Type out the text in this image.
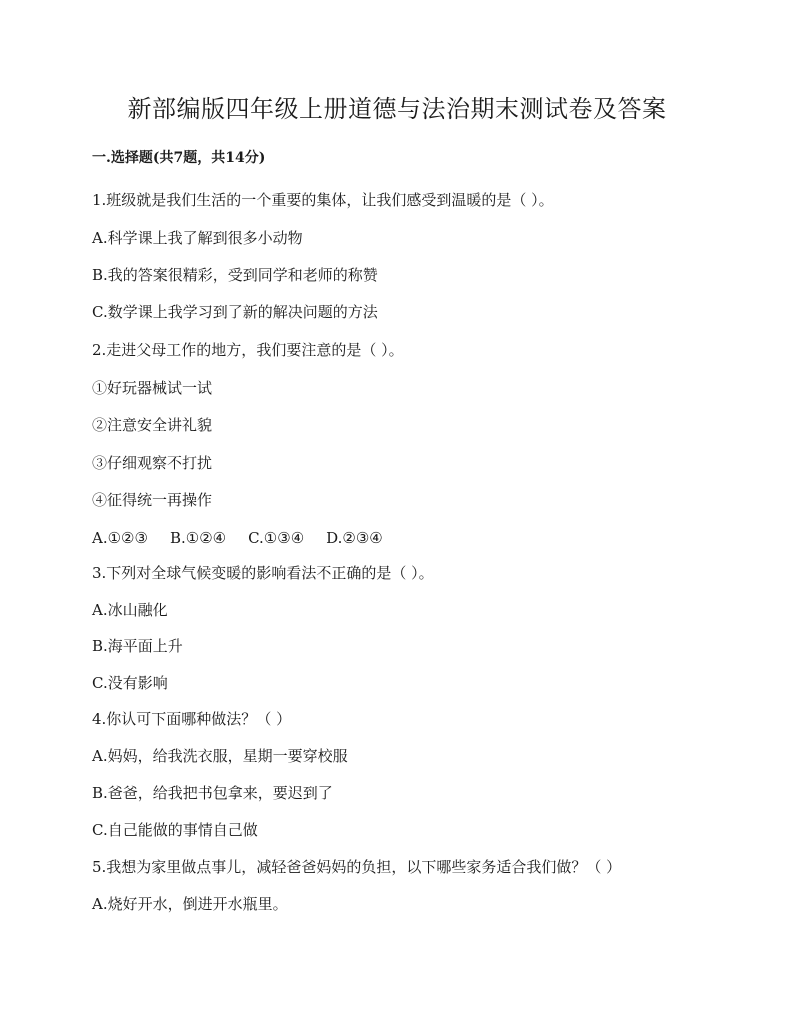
新部编版四年级上册道德与法治期末测试卷及答案
一.选择题(共7题，共14分)
1.班级就是我们生活的一个重要的集体，让我们感受到温暖的是（ ）。
A.科学课上我了解到很多小动物
B.我的答案很精彩，受到同学和老师的称赞
C.数学课上我学习到了新的解决问题的方法
2.走进父母工作的地方，我们要注意的是（ ）。
①好玩器械试一试
②注意安全讲礼貌
③仔细观察不打扰
④征得统一再操作
A.①②③ B.①②④ C.①③④ D.②③④
3.下列对全球气候变暖的影响看法不正确的是（ ）。
A.冰山融化
B.海平面上升
C.没有影响
4.你认可下面哪种做法？（ ）
A.妈妈，给我洗衣服，星期一要穿校服
B.爸爸，给我把书包拿来，要迟到了
C.自己能做的事情自己做
5.我想为家里做点事儿，减轻爸爸妈妈的负担，以下哪些家务适合我们做？（ ）
A.烧好开水，倒进开水瓶里。
